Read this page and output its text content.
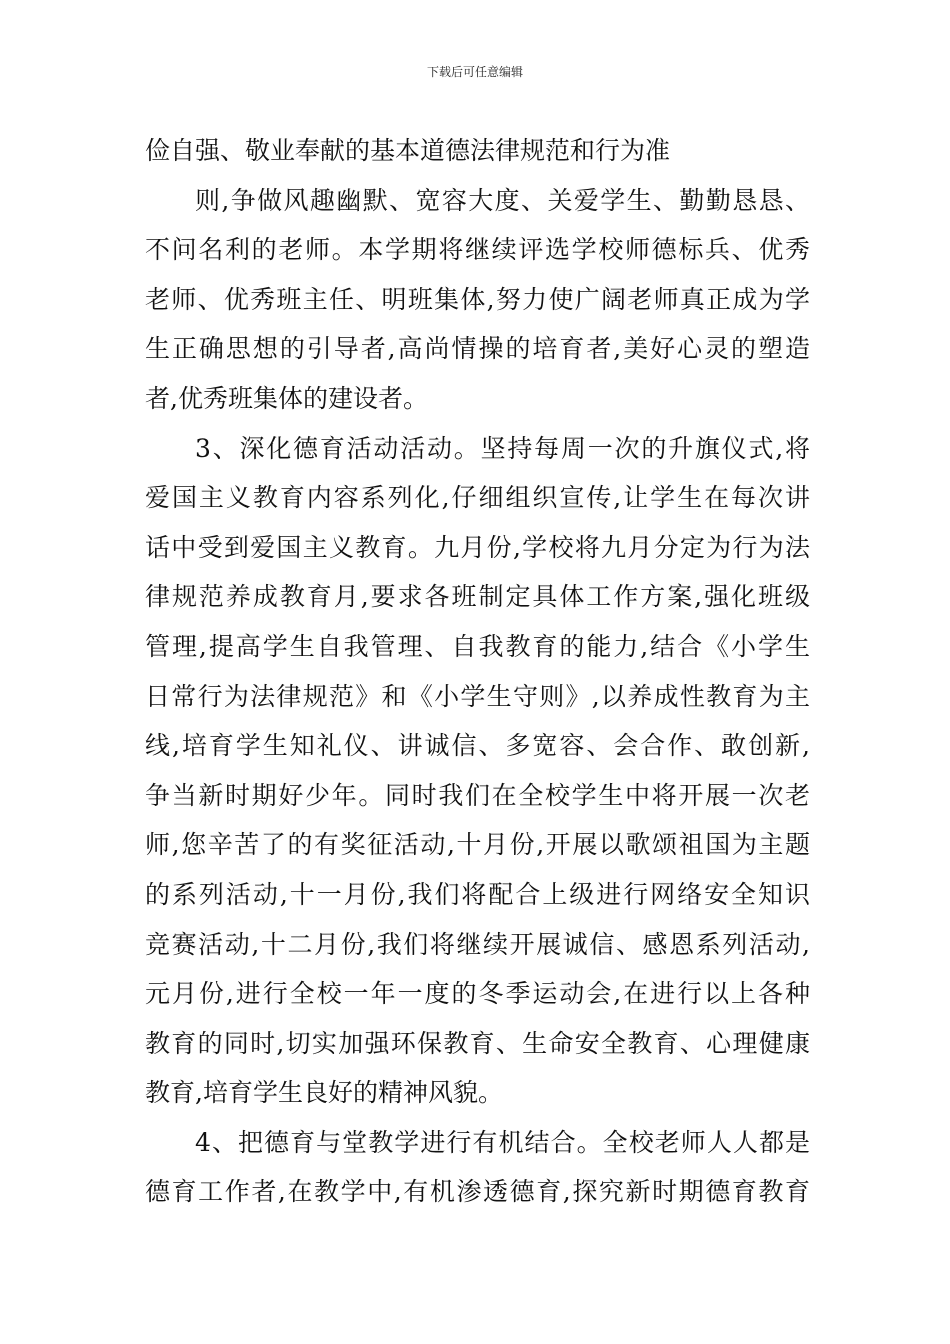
下载后可任意编辑
俭自强、敬业奉献的基本道德法律规范和行为准
则,争做风趣幽默、宽容大度、关爱学生、勤勤恳恳、
不问名利的老师。本学期将继续评选学校师德标兵、优秀
老师、优秀班主任、明班集体,努力使广阔老师真正成为学
生正确思想的引导者,高尚情操的培育者,美好心灵的塑造
者,优秀班集体的建设者。
3、深化德育活动活动。坚持每周一次的升旗仪式,将
爱国主义教育内容系列化,仔细组织宣传,让学生在每次讲
话中受到爱国主义教育。九月份,学校将九月分定为行为法
律规范养成教育月,要求各班制定具体工作方案,强化班级
管理,提高学生自我管理、自我教育的能力,结合《小学生
日常行为法律规范》和《小学生守则》,以养成性教育为主
线,培育学生知礼仪、讲诚信、多宽容、会合作、敢创新,
争当新时期好少年。同时我们在全校学生中将开展一次老
师,您辛苦了的有奖征活动,十月份,开展以歌颂祖国为主题
的系列活动,十一月份,我们将配合上级进行网络安全知识
竞赛活动,十二月份,我们将继续开展诚信、感恩系列活动,
元月份,进行全校一年一度的冬季运动会,在进行以上各种
教育的同时,切实加强环保教育、生命安全教育、心理健康
教育,培育学生良好的精神风貌。
4、把德育与堂教学进行有机结合。全校老师人人都是
德育工作者,在教学中,有机渗透德育,探究新时期德育教育
